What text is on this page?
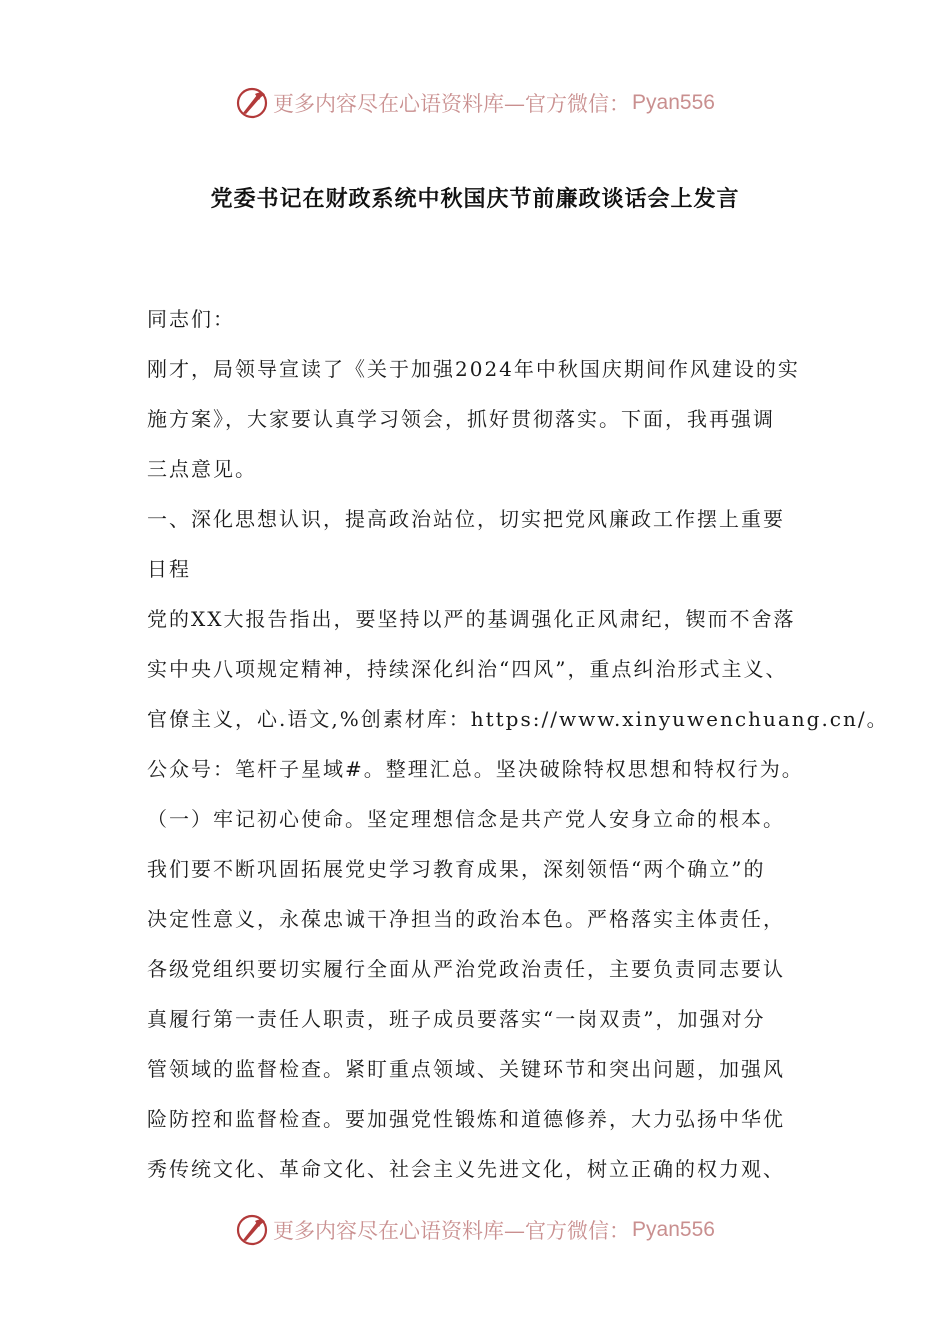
更多内容尽在心语资料库—官方微信： Pyan556
党委书记在财政系统中秋国庆节前廉政谈话会上发言
同志们：
刚才，局领导宣读了《关于加强2024年中秋国庆期间作风建设的实
施方案》，大家要认真学习领会，抓好贯彻落实。下面，我再强调
三点意见。
一、深化思想认识，提高政治站位，切实把党风廉政工作摆上重要
日程
党的XX大报告指出，要坚持以严的基调强化正风肃纪，锲而不舍落
实中央八项规定精神，持续深化纠治“四风”，重点纠治形式主义、
官僚主义，心.语文,%创素材库：https://www.xinyuwenchuang.cn/。
公众号：笔杆子星域#。整理汇总。坚决破除特权思想和特权行为。
（一）牢记初心使命。坚定理想信念是共产党人安身立命的根本。
我们要不断巩固拓展党史学习教育成果，深刻领悟“两个确立”的
决定性意义，永葆忠诚干净担当的政治本色。严格落实主体责任，
各级党组织要切实履行全面从严治党政治责任，主要负责同志要认
真履行第一责任人职责，班子成员要落实“一岗双责”，加强对分
管领域的监督检查。紧盯重点领域、关键环节和突出问题，加强风
险防控和监督检查。要加强党性锻炼和道德修养，大力弘扬中华优
秀传统文化、革命文化、社会主义先进文化，树立正确的权力观、
更多内容尽在心语资料库—官方微信： Pyan556
